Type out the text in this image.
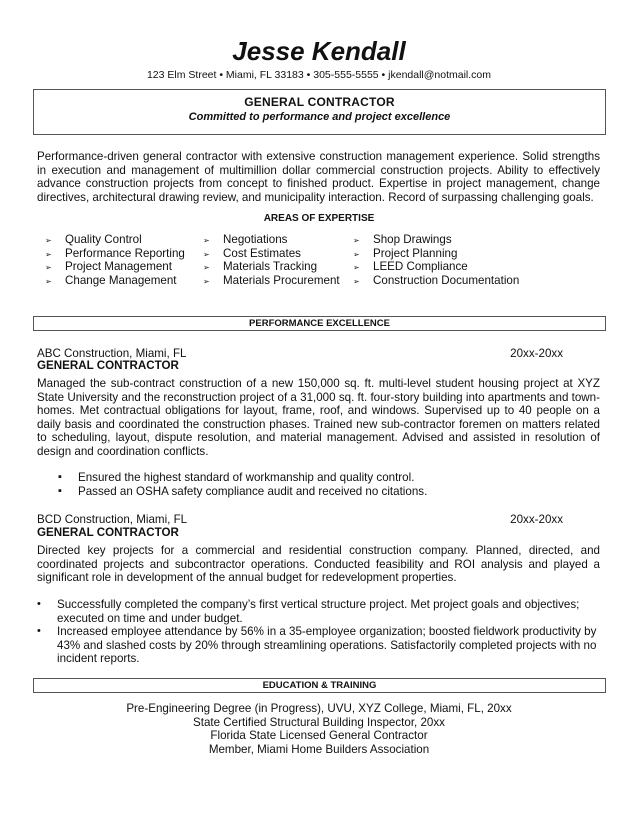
Jesse Kendall
123 Elm Street • Miami, FL 33183 • 305-555-5555 • jkendall@notmail.com
GENERAL CONTRACTOR
Committed to performance and project excellence
Performance-driven general contractor with extensive construction management experience. Solid strengths in execution and management of multimillion dollar commercial construction projects. Ability to effectively advance construction projects from concept to finished product. Expertise in project management, change directives, architectural drawing review, and municipality interaction. Record of surpassing challenging goals.
AREAS OF EXPERTISE
➢ Quality Control
➢ Performance Reporting
➢ Project Management
➢ Change Management
➢ Negotiations
➢ Cost Estimates
➢ Materials Tracking
➢ Materials Procurement
➢ Shop Drawings
➢ Project Planning
➢ LEED Compliance
➢ Construction Documentation
PERFORMANCE EXCELLENCE
ABC Construction, Miami, FL	20xx-20xx
GENERAL CONTRACTOR
Managed the sub-contract construction of a new 150,000 sq. ft. multi-level student housing project at XYZ State University and the reconstruction project of a 31,000 sq. ft. four-story building into apartments and town-homes. Met contractual obligations for layout, frame, roof, and windows. Supervised up to 40 people on a daily basis and coordinated the construction phases. Trained new sub-contractor foremen on matters related to scheduling, layout, dispute resolution, and material management. Advised and assisted in resolution of design and coordination conflicts.
▪ Ensured the highest standard of workmanship and quality control.
▪ Passed an OSHA safety compliance audit and received no citations.
BCD Construction, Miami, FL	20xx-20xx
GENERAL CONTRACTOR
Directed key projects for a commercial and residential construction company. Planned, directed, and coordinated projects and subcontractor operations. Conducted feasibility and ROI analysis and played a significant role in development of the annual budget for redevelopment properties.
• Successfully completed the company’s first vertical structure project. Met project goals and objectives; executed on time and under budget.
• Increased employee attendance by 56% in a 35-employee organization; boosted fieldwork productivity by 43% and slashed costs by 20% through streamlining operations. Satisfactorily completed projects with no incident reports.
EDUCATION & TRAINING
Pre-Engineering Degree (in Progress), UVU, XYZ College, Miami, FL, 20xx
State Certified Structural Building Inspector, 20xx
Florida State Licensed General Contractor
Member, Miami Home Builders Association
